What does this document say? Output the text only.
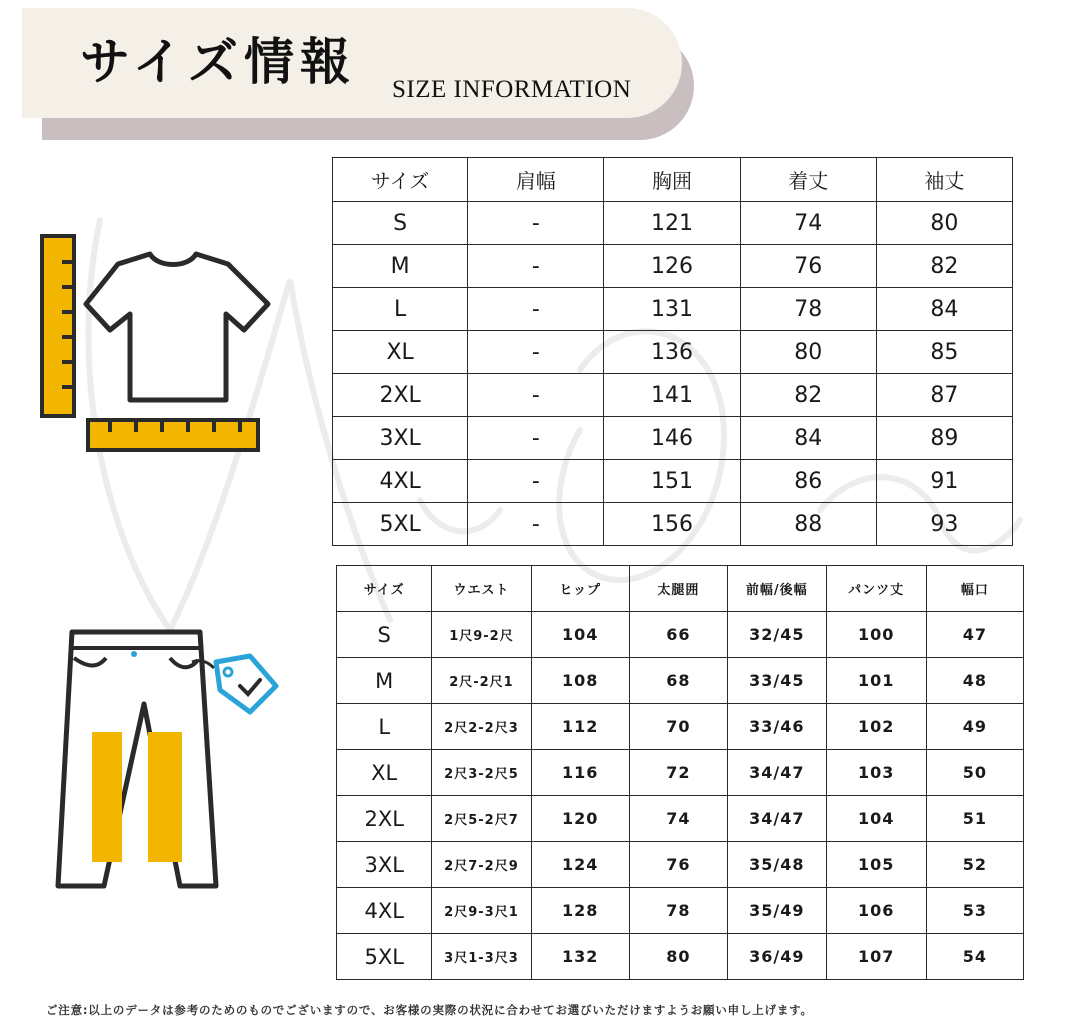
サイズ情報 SIZE INFORMATION
サイズ	肩幅	胸囲	着丈	袖丈
S	-	121	74	80
M	-	126	76	82
L	-	131	78	84
XL	-	136	80	85
2XL	-	141	82	87
3XL	-	146	84	89
4XL	-	151	86	91
5XL	-	156	88	93
サイズ	ウエスト	ヒップ	太腿囲	前幅/後幅	パンツ丈	幅口
S	1尺9-2尺	104	66	32/45	100	47
M	2尺-2尺1	108	68	33/45	101	48
L	2尺2-2尺3	112	70	33/46	102	49
XL	2尺3-2尺5	116	72	34/47	103	50
2XL	2尺5-2尺7	120	74	34/47	104	51
3XL	2尺7-2尺9	124	76	35/48	105	52
4XL	2尺9-3尺1	128	78	35/49	106	53
5XL	3尺1-3尺3	132	80	36/49	107	54
ご注意:以上のデータは参考のためのものでございますので、お客様の実際の状況に合わせてお選びいただけますようお願い申し上げます。
